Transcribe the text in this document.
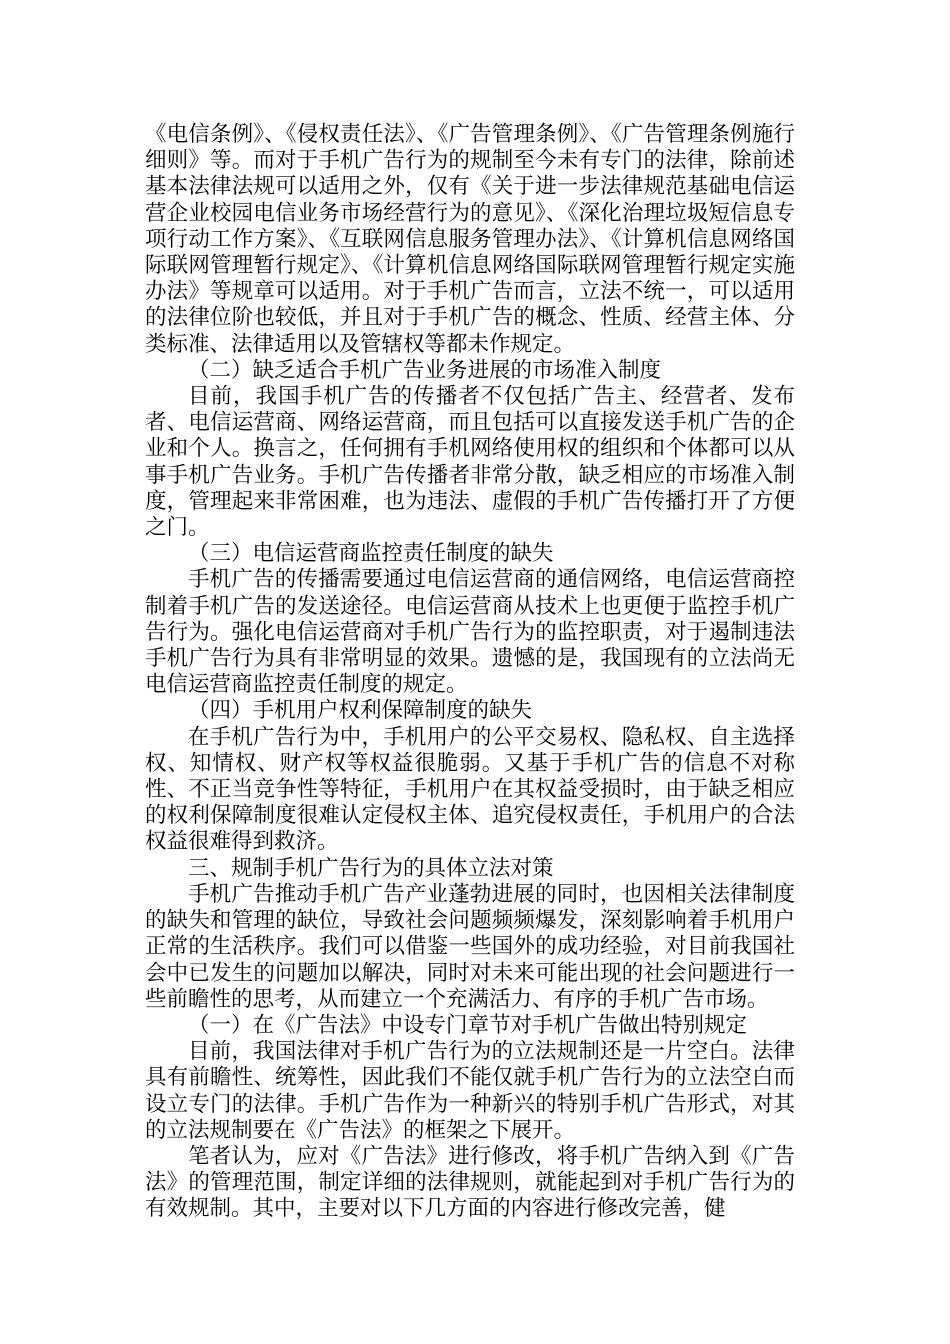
《电信条例》、《侵权责任法》、《广告管理条例》、《广告管理条例施行细则》等。而对于手机广告行为的规制至今未有专门的法律，除前述基本法律法规可以适用之外，仅有《关于进一步法律规范基础电信运营企业校园电信业务市场经营行为的意见》、《深化治理垃圾短信息专项行动工作方案》、《互联网信息服务管理办法》、《计算机信息网络国际联网管理暂行规定》、《计算机信息网络国际联网管理暂行规定实施办法》等规章可以适用。对于手机广告而言，立法不统一，可以适用的法律位阶也较低，并且对于手机广告的概念、性质、经营主体、分类标准、法律适用以及管辖权等都未作规定。

（二）缺乏适合手机广告业务进展的市场准入制度

目前，我国手机广告的传播者不仅包括广告主、经营者、发布者、电信运营商、网络运营商，而且包括可以直接发送手机广告的企业和个人。换言之，任何拥有手机网络使用权的组织和个体都可以从事手机广告业务。手机广告传播者非常分散，缺乏相应的市场准入制度，管理起来非常困难，也为违法、虚假的手机广告传播打开了方便之门。

（三）电信运营商监控责任制度的缺失

手机广告的传播需要通过电信运营商的通信网络，电信运营商控制着手机广告的发送途径。电信运营商从技术上也更便于监控手机广告行为。强化电信运营商对手机广告行为的监控职责，对于遏制违法手机广告行为具有非常明显的效果。遗憾的是，我国现有的立法尚无电信运营商监控责任制度的规定。

（四）手机用户权利保障制度的缺失

在手机广告行为中，手机用户的公平交易权、隐私权、自主选择权、知情权、财产权等权益很脆弱。又基于手机广告的信息不对称性、不正当竞争性等特征，手机用户在其权益受损时，由于缺乏相应的权利保障制度很难认定侵权主体、追究侵权责任，手机用户的合法权益很难得到救济。

三、规制手机广告行为的具体立法对策

手机广告推动手机广告产业蓬勃进展的同时，也因相关法律制度的缺失和管理的缺位，导致社会问题频频爆发，深刻影响着手机用户正常的生活秩序。我们可以借鉴一些国外的成功经验，对目前我国社会中已发生的问题加以解决，同时对未来可能出现的社会问题进行一些前瞻性的思考，从而建立一个充满活力、有序的手机广告市场。

（一）在《广告法》中设专门章节对手机广告做出特别规定

目前，我国法律对手机广告行为的立法规制还是一片空白。法律具有前瞻性、统筹性，因此我们不能仅就手机广告行为的立法空白而设立专门的法律。手机广告作为一种新兴的特别手机广告形式，对其的立法规制要在《广告法》的框架之下展开。

笔者认为，应对《广告法》进行修改，将手机广告纳入到《广告法》的管理范围，制定详细的法律规则，就能起到对手机广告行为的有效规制。其中，主要对以下几方面的内容进行修改完善，健
